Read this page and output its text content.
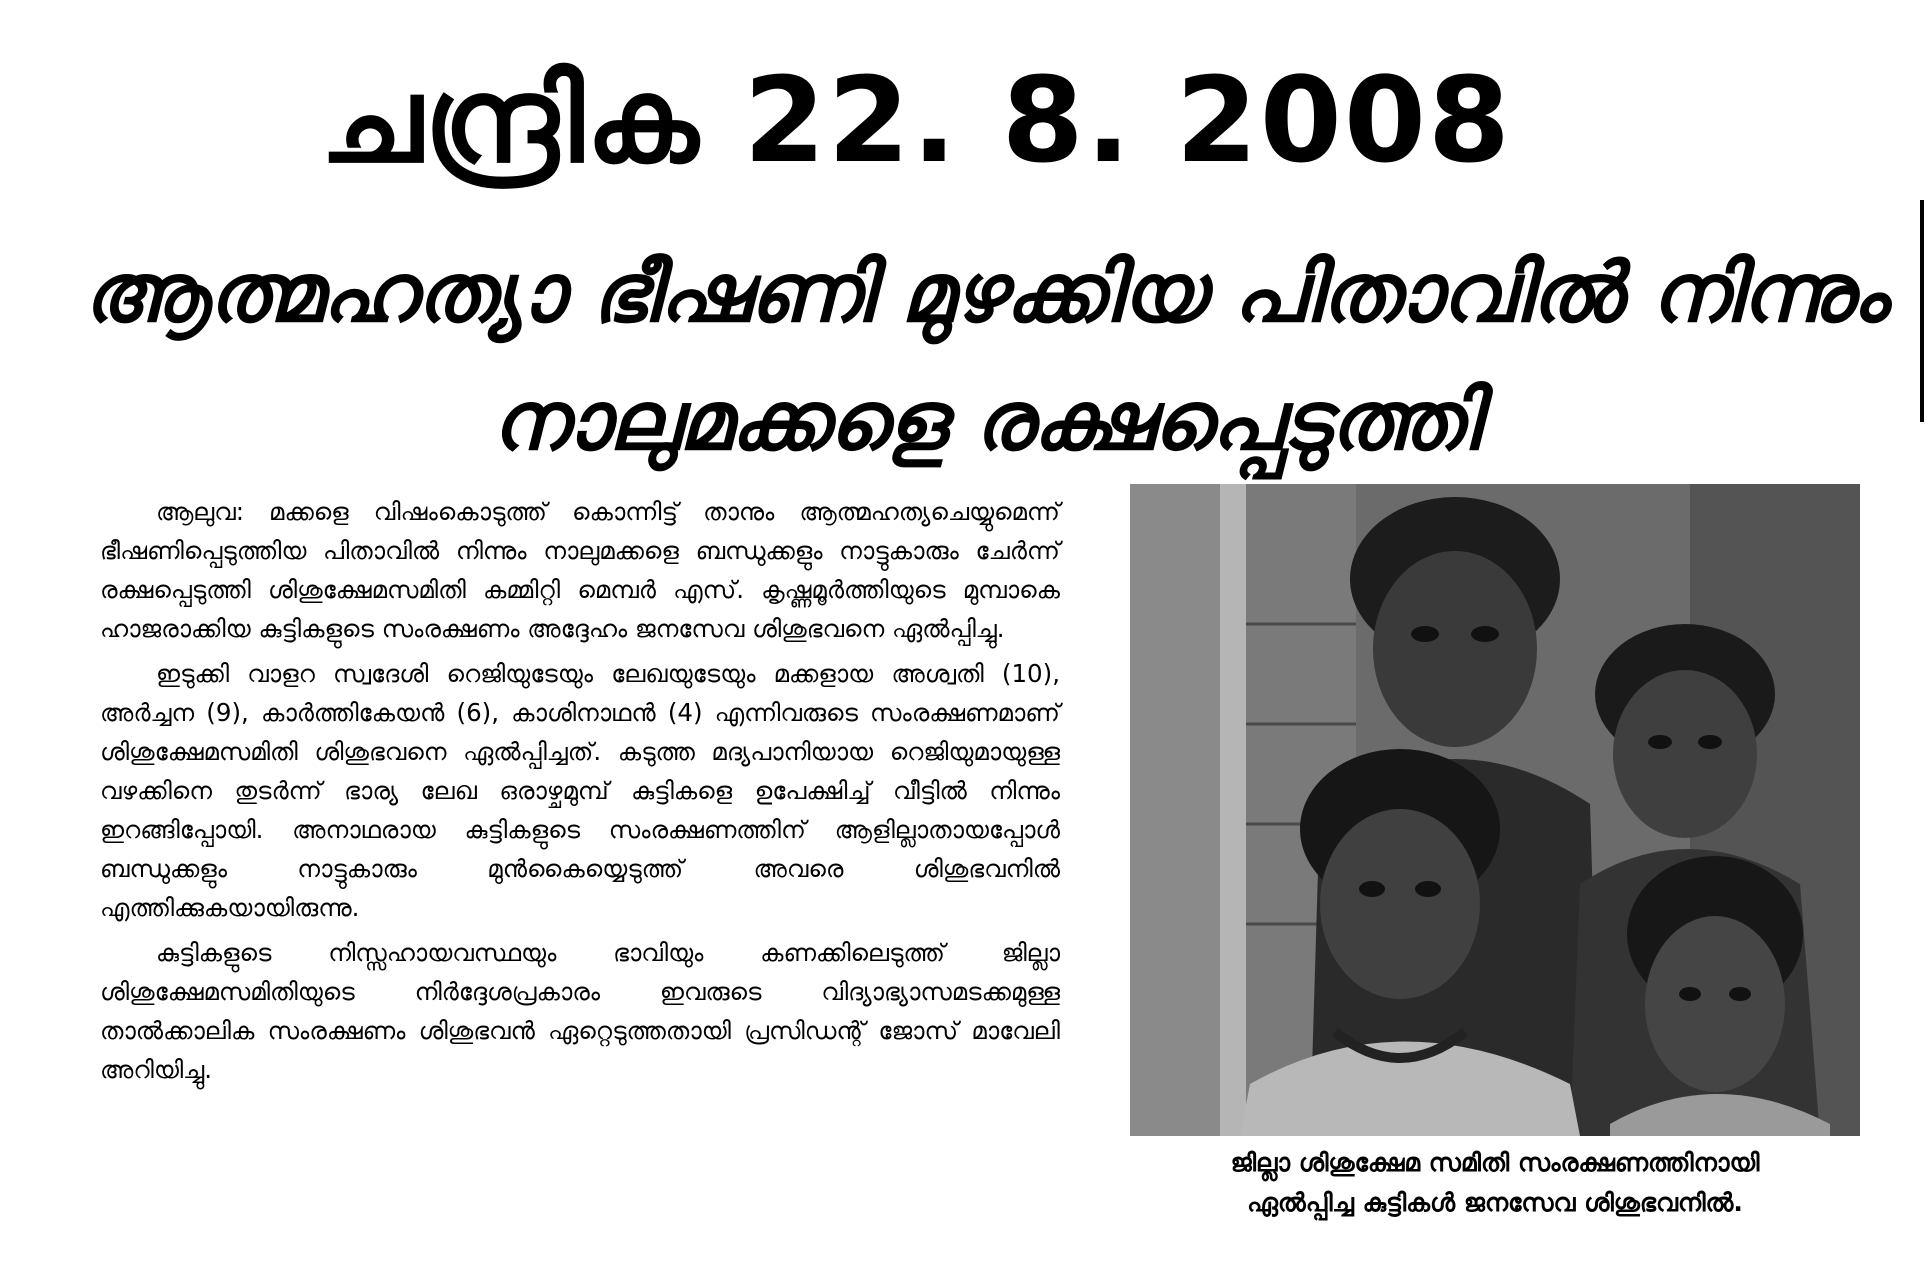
ചന്ദ്രിക 22. 8. 2008
ആത്മഹത്യാ ഭീഷണി മുഴക്കിയ പിതാവിൽ നിന്നും
നാലുമക്കളെ രക്ഷപ്പെടുത്തി

ആലുവ: മക്കളെ വിഷംകൊടുത്ത് കൊന്നിട്ട് താനും ആത്മഹത്യചെയ്യുമെന്ന് ഭീഷണിപ്പെടുത്തിയ പിതാവിൽ നിന്നും നാലുമക്കളെ ബന്ധുക്കളും നാട്ടുകാരും ചേർന്ന് രക്ഷപ്പെടുത്തി ശിശുക്ഷേമസമിതി കമ്മിറ്റി മെമ്പർ എസ്. കൃഷ്ണമൂർത്തിയുടെ മുമ്പാകെ ഹാജരാക്കിയ കുട്ടികളുടെ സംരക്ഷണം അദ്ദേഹം ജനസേവ ശിശുഭവനെ ഏൽപ്പിച്ചു.

ഇടുക്കി വാളറ സ്വദേശി റെജിയുടേയും ലേഖയുടേയും മക്കളായ അശ്വതി (10), അർച്ചന (9), കാർത്തികേയൻ (6), കാശിനാഥൻ (4) എന്നിവരുടെ സംരക്ഷണമാണ് ശിശുക്ഷേമസമിതി ശിശുഭവനെ ഏൽപ്പിച്ചത്. കടുത്ത മദ്യപാനിയായ റെജിയുമായുള്ള വഴക്കിനെ തുടർന്ന് ഭാര്യ ലേഖ ഒരാഴ്ചമുമ്പ് കുട്ടികളെ ഉപേക്ഷിച്ച് വീട്ടിൽ നിന്നും ഇറങ്ങിപ്പോയി. അനാഥരായ കുട്ടികളുടെ സംരക്ഷണത്തിന് ആളില്ലാതായപ്പോൾ ബന്ധുക്കളും നാട്ടുകാരും മുൻകൈയ്യെടുത്ത് അവരെ ശിശുഭവനിൽ എത്തിക്കുകയായിരുന്നു.

കുട്ടികളുടെ നിസ്സഹായവസ്ഥയും ഭാവിയും കണക്കിലെടുത്ത് ജില്ലാ ശിശുക്ഷേമസമിതിയുടെ നിർദ്ദേശപ്രകാരം ഇവരുടെ വിദ്യാഭ്യാസമടക്കമുള്ള താൽക്കാലിക സംരക്ഷണം ശിശുഭവൻ ഏറ്റെടുത്തതായി പ്രസിഡന്റ് ജോസ് മാവേലി അറിയിച്ചു.

ജില്ലാ ശിശുക്ഷേമ സമിതി സംരക്ഷണത്തിനായി
ഏൽപ്പിച്ച കുട്ടികൾ ജനസേവ ശിശുഭവനിൽ.
